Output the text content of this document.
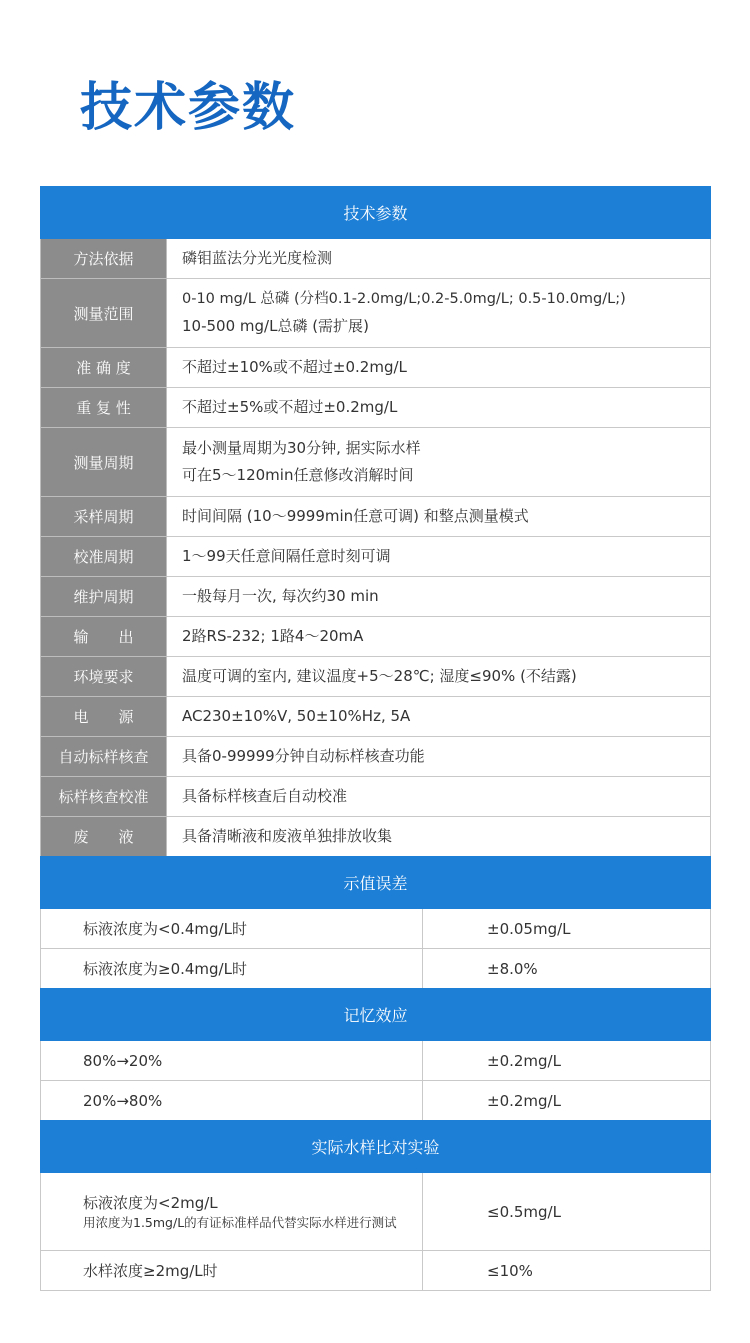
技术参数
技术参数	
方法依据	磷钼蓝法分光光度检测
测量范围	0-10 mg/L 总磷 (分档0.1-2.0mg/L;0.2-5.0mg/L; 0.5-10.0mg/L;)
10-500 mg/L总磷 (需扩展)

准 确 度	不超过±10%或不超过±0.2mg/L
重 复 性	不超过±5%或不超过±0.2mg/L
测量周期	最小测量周期为30分钟, 据实际水样
可在5～120min任意修改消解时间

采样周期	时间间隔 (10～9999min任意可调) 和整点测量模式
校准周期	1～99天任意间隔任意时刻可调
维护周期	一般每月一次, 每次约30 min
输　　出	2路RS-232; 1路4～20mA
环境要求	温度可调的室内, 建议温度+5～28℃; 湿度≤90% (不结露)
电　　源	AC230±10%V, 50±10%Hz, 5A
自动标样核查	具备0-99999分钟自动标样核查功能
标样核查校准	具备标样核查后自动校准
废　　液	具备清晰液和废液单独排放收集
示值误差	
标液浓度为<0.4mg/L时	±0.05mg/L
标液浓度为≥0.4mg/L时	±8.0%
记忆效应	
80%→20%	±0.2mg/L
20%→80%	±0.2mg/L
实际水样比对实验	

标液浓度为<2mg/L
用浓度为1.5mg/L的有证标准样品代替实际水样进行测试	≤0.5mg/L
水样浓度≥2mg/L时	≤10%
